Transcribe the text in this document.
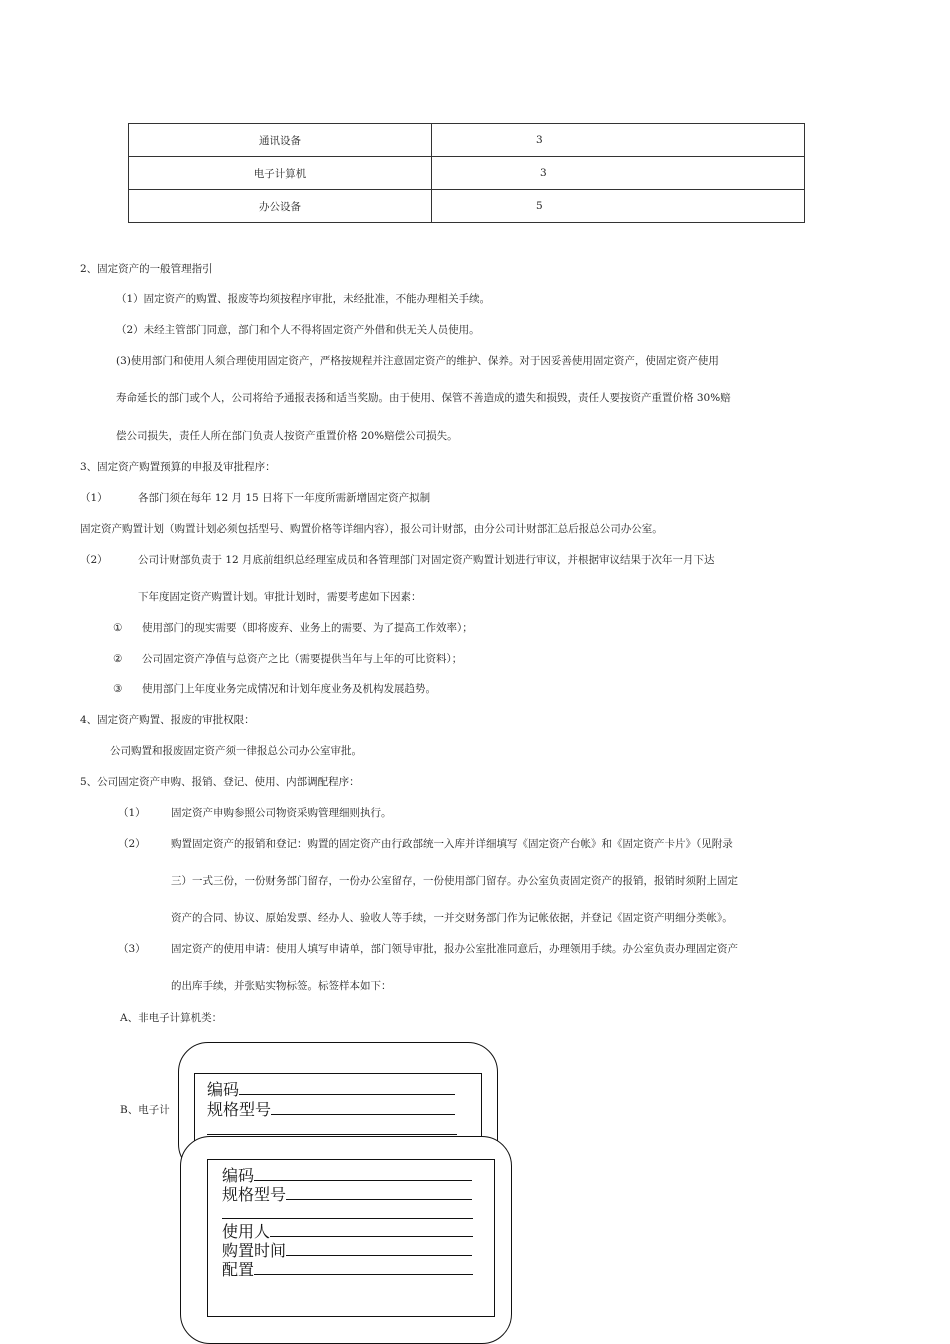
通讯设备	3
电子计算机	3
办公设备	5
2、固定资产的一般管理指引
（1）固定资产的购置、报废等均须按程序审批，未经批准，不能办理相关手续。
（2）未经主管部门同意，部门和个人不得将固定资产外借和供无关人员使用。
(3)使用部门和使用人须合理使用固定资产，严格按规程并注意固定资产的维护、保养。对于因妥善使用固定资产，使固定资产使用
寿命延长的部门或个人，公司将给予通报表扬和适当奖励。由于使用、保管不善造成的遗失和损毁，责任人要按资产重置价格 30%赔
偿公司损失，责任人所在部门负责人按资产重置价格 20%赔偿公司损失。
3、固定资产购置预算的申报及审批程序：
（1）	各部门须在每年 12 月 15 日将下一年度所需新增固定资产拟制
固定资产购置计划（购置计划必须包括型号、购置价格等详细内容），报公司计财部，由分公司计财部汇总后报总公司办公室。
（2）	公司计财部负责于 12 月底前组织总经理室成员和各管理部门对固定资产购置计划进行审议，并根据审议结果于次年一月下达
下年度固定资产购置计划。审批计划时，需要考虑如下因素：
① 使用部门的现实需要（即将废弃、业务上的需要、为了提高工作效率）；
② 公司固定资产净值与总资产之比（需要提供当年与上年的可比资料）；
③ 使用部门上年度业务完成情况和计划年度业务及机构发展趋势。
4、固定资产购置、报废的审批权限：
公司购置和报废固定资产须一律报总公司办公室审批。
5、公司固定资产申购、报销、登记、使用、内部调配程序：
（1） 固定资产申购参照公司物资采购管理细则执行。
（2） 购置固定资产的报销和登记：购置的固定资产由行政部统一入库并详细填写《固定资产台帐》和《固定资产卡片》（见附录
三）一式三份，一份财务部门留存，一份办公室留存，一份使用部门留存。办公室负责固定资产的报销，报销时须附上固定
资产的合同、协议、原始发票、经办人、验收人等手续，一并交财务部门作为记帐依据，并登记《固定资产明细分类帐》。
（3） 固定资产的使用申请：使用人填写申请单，部门领导审批，报办公室批准同意后，办理领用手续。办公室负责办理固定资产
的出库手续，并张贴实物标签。标签样本如下：
A、非电子计算机类：
B、电子计
编码
规格型号
编码
规格型号
使用人
购置时间
配置
